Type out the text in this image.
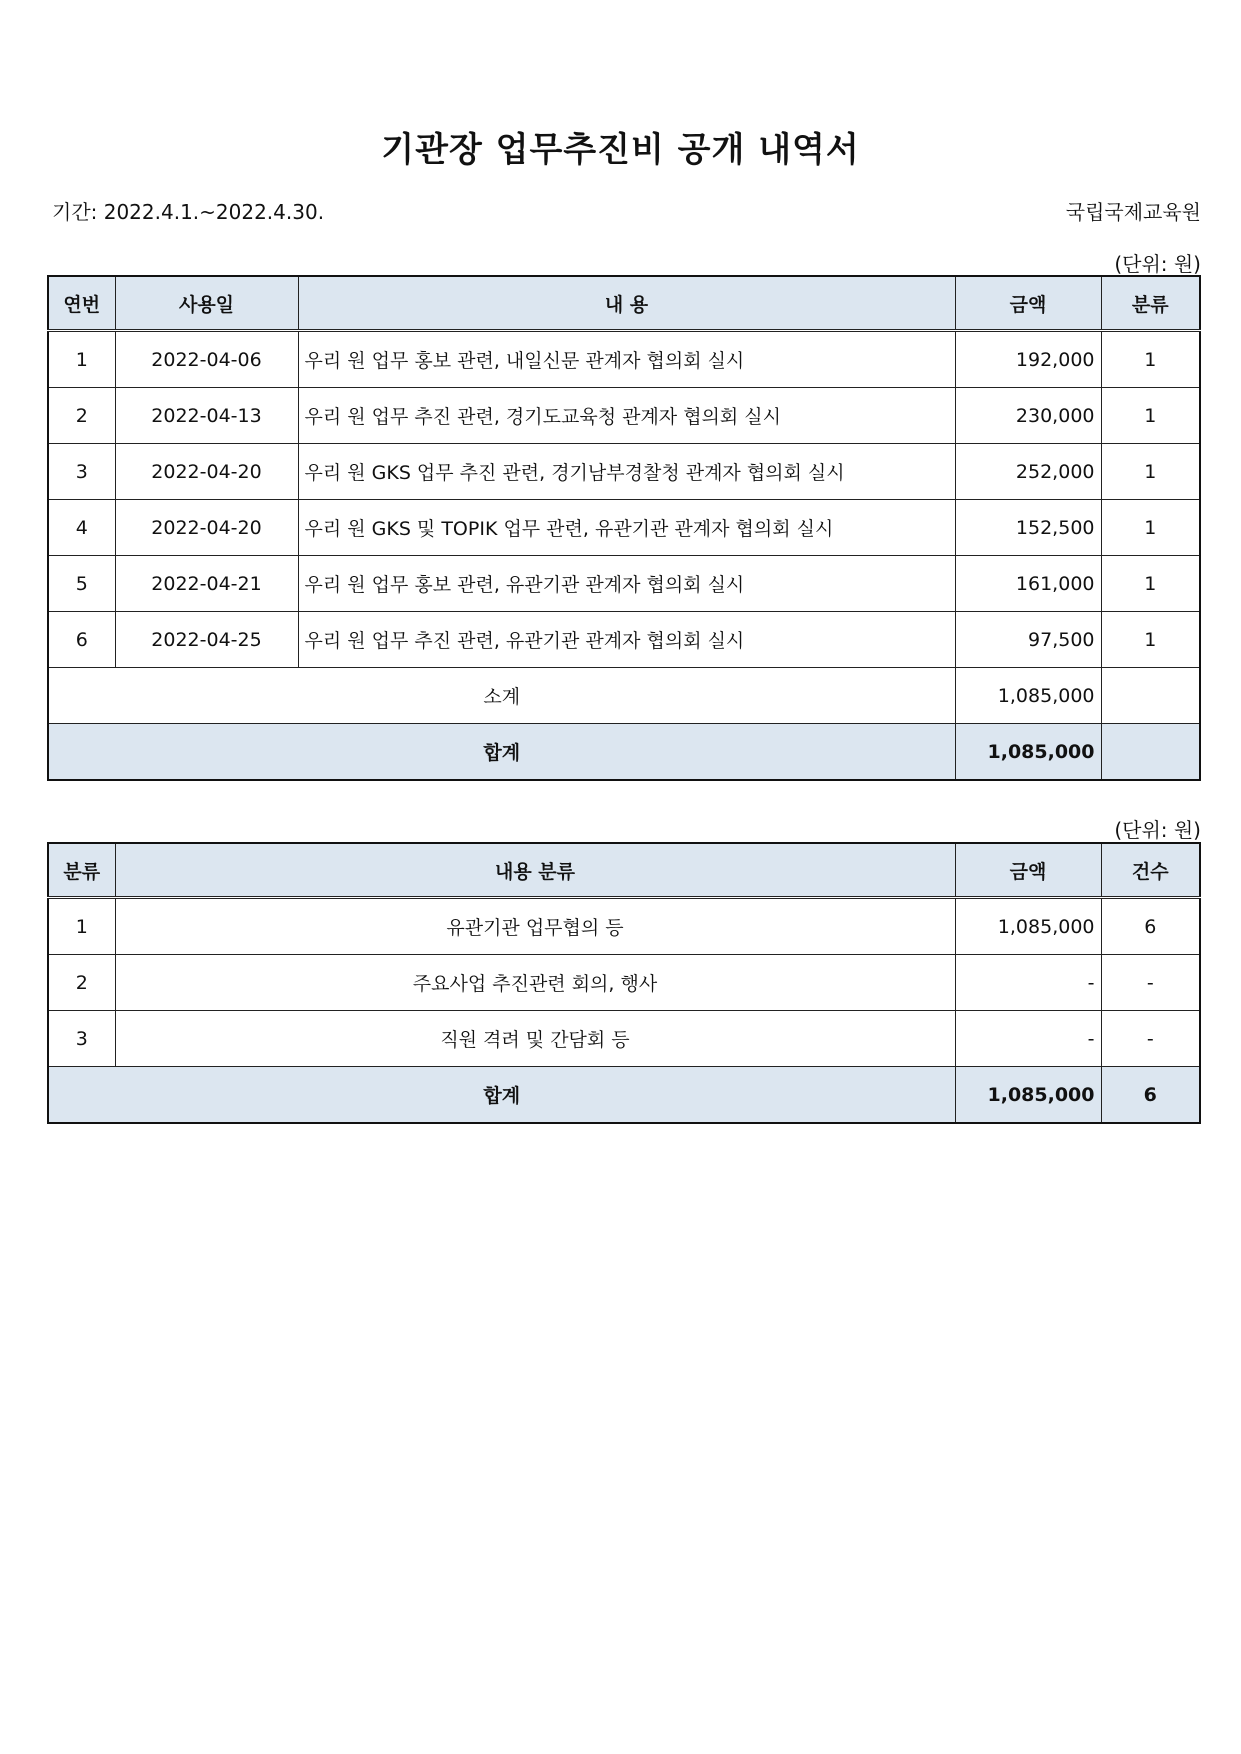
기관장 업무추진비 공개 내역서
기간: 2022.4.1.~2022.4.30.	국립국제교육원
(단위: 원)
연번	사용일	내 용	금액	분류
1	2022-04-06	우리 원 업무 홍보 관련, 내일신문 관계자 협의회 실시	192,000	1
2	2022-04-13	우리 원 업무 추진 관련, 경기도교육청 관계자 협의회 실시	230,000	1
3	2022-04-20	우리 원 GKS 업무 추진 관련, 경기남부경찰청 관계자 협의회 실시	252,000	1
4	2022-04-20	우리 원 GKS 및 TOPIK 업무 관련, 유관기관 관계자 협의회 실시	152,500	1
5	2022-04-21	우리 원 업무 홍보 관련, 유관기관 관계자 협의회 실시	161,000	1
6	2022-04-25	우리 원 업무 추진 관련, 유관기관 관계자 협의회 실시	97,500	1
소계			1,085,000	
합계			1,085,000	
(단위: 원)
분류	내용 분류	금액	건수
1	유관기관 업무협의 등	1,085,000	6
2	주요사업 추진관련 회의, 행사	-	-
3	직원 격려 및 간담회 등	-	-
합계		1,085,000	6
